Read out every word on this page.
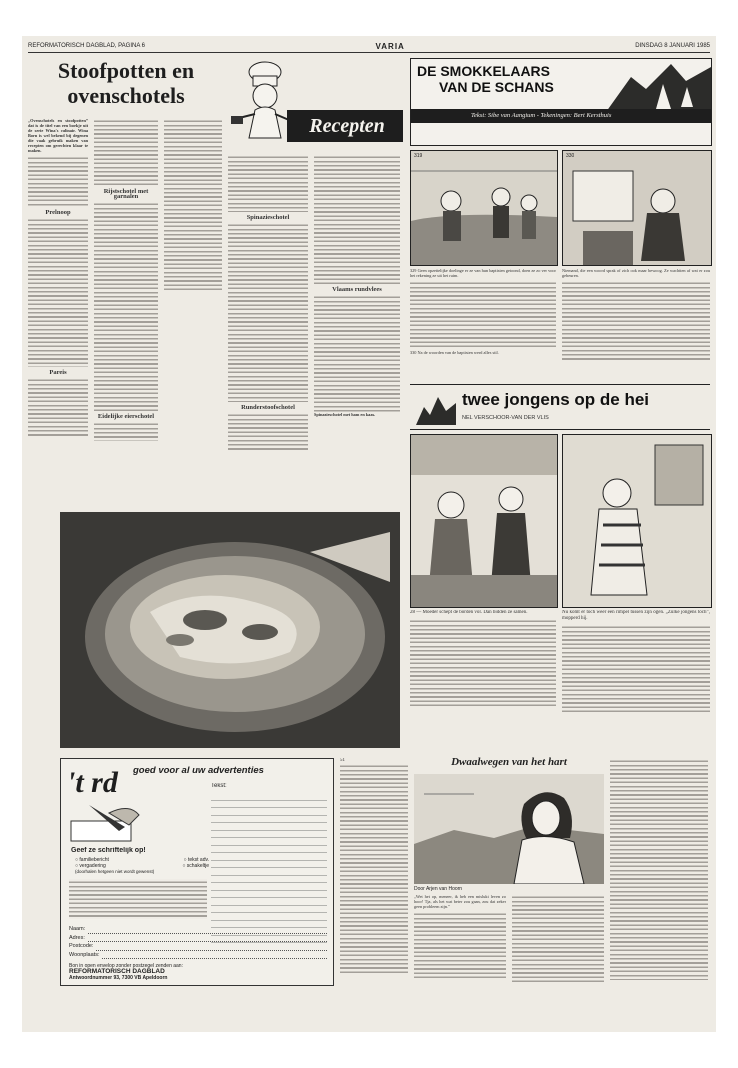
REFORMATORISCH DAGBLAD, PAGINA 6	VARIA	DINSDAG 8 JANUARI 1985
Stoofpotten en
ovenschotels
Recepten

„Ovenschotels en stoofpotten” dat is de titel van een boekje uit de serie Wina's culinair. Wina Born is wel bekend bij degenen die vaak gebruik maken van recepten om gerechten klaar te maken.

Prelnoop
Pareis
Rijstschotel met garnalen
Eidelijke eierschotel
Spinazieschotel
Runderstoofschotel
Vlaams rundvlees

Spinazieschotel met ham en kaas.

DE SMOKKELAARS
VAN DE SCHANS
Tekst: Sibe van Aangium - Tekeningen: Bert Kersthuis
319	330

329 Geen opzettelijke doelinge er ze van hun baptisten getoond, doen ze zo ver voor het rekening ze uit het ruim.

330 Na de woorden van de baptisten werd alles stil.

Niemand, die een woord sprak of zich ook maar bewoog. Ze wachtten af wat er zou gebeuren.

twee jongens op de hei
NEL VERSCHOOR-VAN DER VLIS

28 — Moeder schept de borden vol. Dan bidden ze samen.	Nu komt er toch weer een rimpel tussen zijn ogen. „Zulke jongens toch”, mopperd hij.

't rd	goed voor al uw advertenties
Tekst:
Geef ze schriftelijk op!
○ familiebericht	○ tekst adv.
○ vergadering	○ schakeltje
(doorhalen hetgeen niet wordt gewenst)
Naam:
Adres:
Postcode:
Woonplaats:
Bon in open envelop zonder postzegel zenden aan:
REFORMATORISCH DAGBLAD
Antwoordnummer 93, 7300 VB Apeldoorn
51	Dwaalwegen van het hart
Door Arjen van Hoorn

„Wet het op, meneer, ik heb een mislukt leven zo hoor! Tja, als het wat beter zou gaan, zou dat zeker geen probleem zijn.”
